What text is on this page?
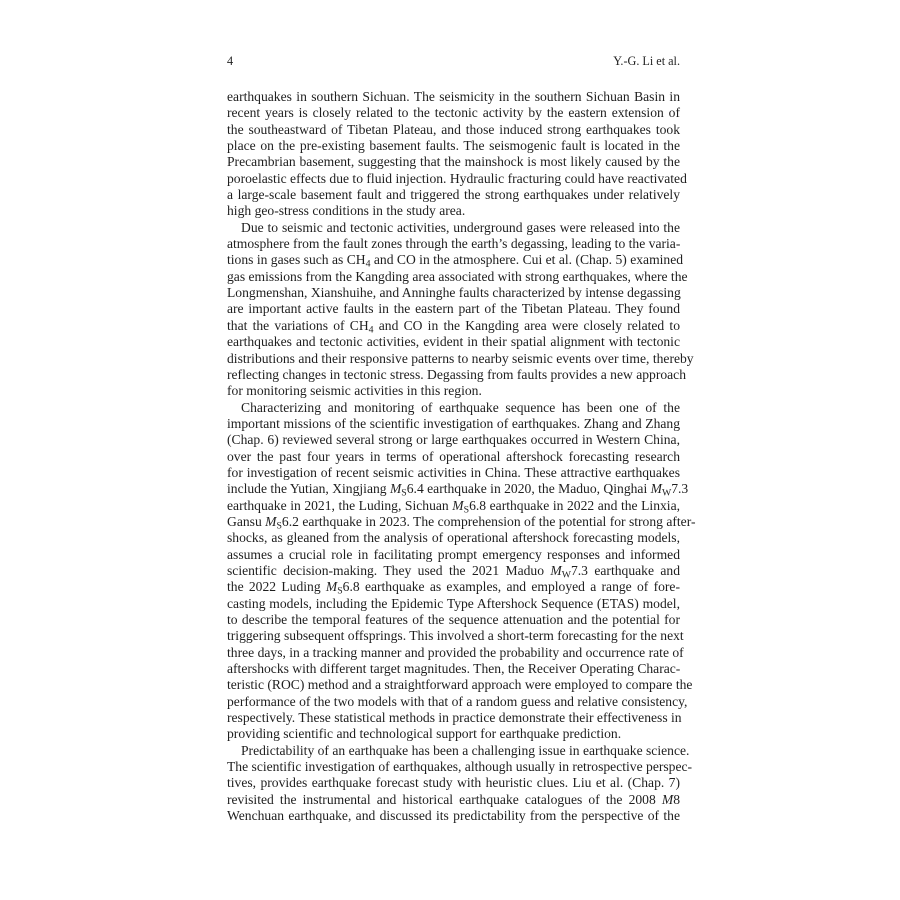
4	Y.-G. Li et al.
earthquakes in southern Sichuan. The seismicity in the southern Sichuan Basin in
recent years is closely related to the tectonic activity by the eastern extension of
the southeastward of Tibetan Plateau, and those induced strong earthquakes took
place on the pre-existing basement faults. The seismogenic fault is located in the
Precambrian basement, suggesting that the mainshock is most likely caused by the
poroelastic effects due to fluid injection. Hydraulic fracturing could have reactivated
a large-scale basement fault and triggered the strong earthquakes under relatively
high geo-stress conditions in the study area.
Due to seismic and tectonic activities, underground gases were released into the
atmosphere from the fault zones through the earth’s degassing, leading to the varia-
tions in gases such as $CH_4$ and CO in the atmosphere. Cui et al. (Chap. 5) examined
gas emissions from the Kangding area associated with strong earthquakes, where the
Longmenshan, Xianshuihe, and Anninghe faults characterized by intense degassing
are important active faults in the eastern part of the Tibetan Plateau. They found
that the variations of $CH_4$ and CO in the Kangding area were closely related to
earthquakes and tectonic activities, evident in their spatial alignment with tectonic
distributions and their responsive patterns to nearby seismic events over time, thereby
reflecting changes in tectonic stress. Degassing from faults provides a new approach
for monitoring seismic activities in this region.
Characterizing and monitoring of earthquake sequence has been one of the
important missions of the scientific investigation of earthquakes. Zhang and Zhang
(Chap. 6) reviewed several strong or large earthquakes occurred in Western China,
over the past four years in terms of operational aftershock forecasting research
for investigation of recent seismic activities in China. These attractive earthquakes
include the Yutian, Xingjiang $M_S6.4$ earthquake in 2020, the Maduo, Qinghai $M_W7.3$
earthquake in 2021, the Luding, Sichuan $M_S6.8$ earthquake in 2022 and the Linxia,
Gansu $M_S6.2$ earthquake in 2023. The comprehension of the potential for strong after-
shocks, as gleaned from the analysis of operational aftershock forecasting models,
assumes a crucial role in facilitating prompt emergency responses and informed
scientific decision-making. They used the 2021 Maduo $M_W7.3$ earthquake and
the 2022 Luding $M_S6.8$ earthquake as examples, and employed a range of fore-
casting models, including the Epidemic Type Aftershock Sequence (ETAS) model,
to describe the temporal features of the sequence attenuation and the potential for
triggering subsequent offsprings. This involved a short-term forecasting for the next
three days, in a tracking manner and provided the probability and occurrence rate of
aftershocks with different target magnitudes. Then, the Receiver Operating Charac-
teristic (ROC) method and a straightforward approach were employed to compare the
performance of the two models with that of a random guess and relative consistency,
respectively. These statistical methods in practice demonstrate their effectiveness in
providing scientific and technological support for earthquake prediction.
Predictability of an earthquake has been a challenging issue in earthquake science.
The scientific investigation of earthquakes, although usually in retrospective perspec-
tives, provides earthquake forecast study with heuristic clues. Liu et al. (Chap. 7)
revisited the instrumental and historical earthquake catalogues of the 2008 M8
Wenchuan earthquake, and discussed its predictability from the perspective of the
